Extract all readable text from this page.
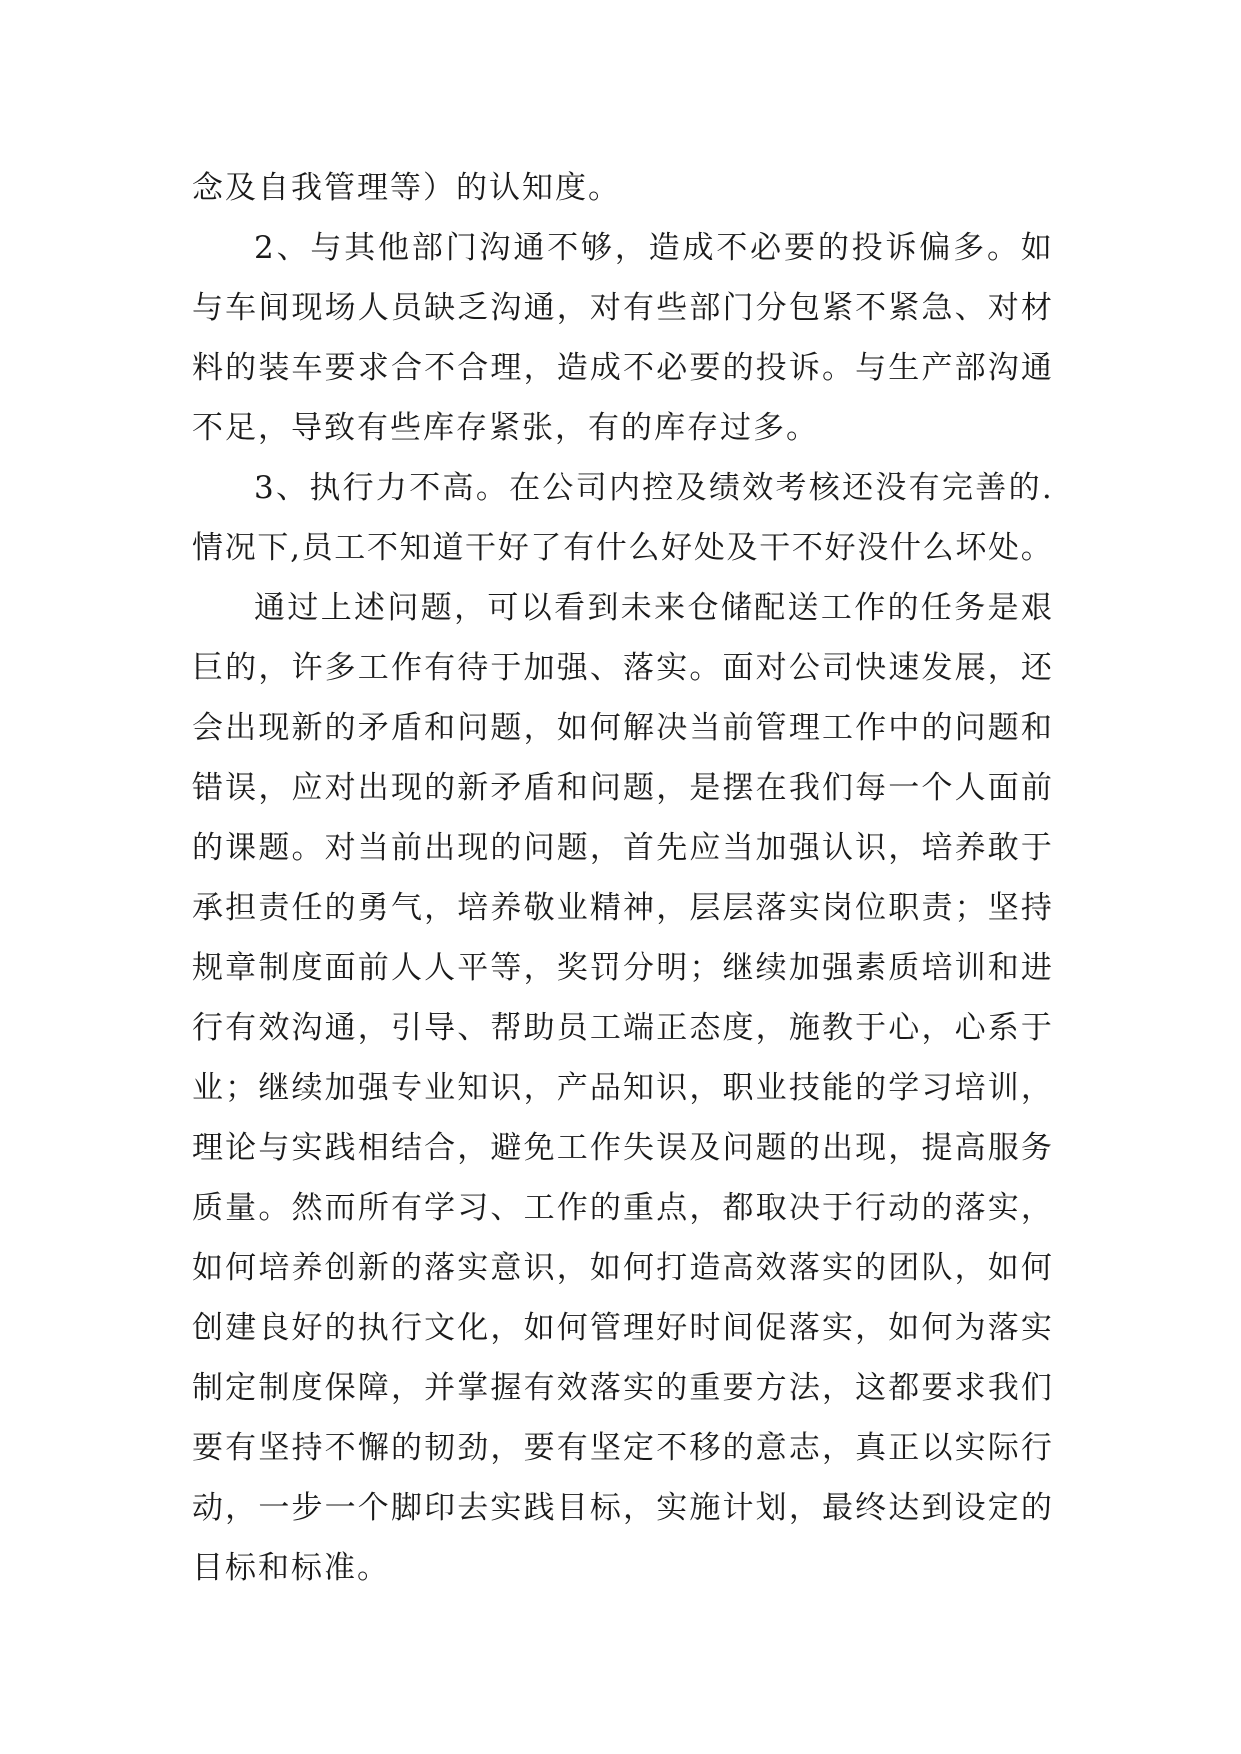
念及自我管理等）的认知度。
2 、 与 其 他 部 门 沟 通 不 够 ， 造 成 不 必 要 的 投 诉 偏 多 。 如
与 车 间 现 场 人 员 缺 乏 沟 通 ， 对 有 些 部 门 分 包 紧 不 紧 急 、 对 材
料 的 装 车 要 求 合 不 合 理 ， 造 成 不 必 要 的 投 诉 。 与 生 产 部 沟 通
不足，导致有些库存紧张，有的库存过多。
3 、 执 行 力 不 高 。 在 公 司 内 控 及 绩 效 考 核 还 没 有 完 善 的 .
情 况 下 , 员 工 不 知 道 干 好 了 有 什 么 好 处 及 干 不 好 没 什 么 坏 处 。
通 过 上 述 问 题 ， 可 以 看 到 未 来 仓 储 配 送 工 作 的 任 务 是 艰
巨 的 ， 许 多 工 作 有 待 于 加 强 、 落 实 。 面 对 公 司 快 速 发 展 ， 还
会 出 现 新 的 矛 盾 和 问 题 ， 如 何 解 决 当 前 管 理 工 作 中 的 问 题 和
错 误 ， 应 对 出 现 的 新 矛 盾 和 问 题 ， 是 摆 在 我 们 每 一 个 人 面 前
的 课 题 。 对 当 前 出 现 的 问 题 ， 首 先 应 当 加 强 认 识 ， 培 养 敢 于
承 担 责 任 的 勇 气 ， 培 养 敬 业 精 神 ， 层 层 落 实 岗 位 职 责 ； 坚 持
规 章 制 度 面 前 人 人 平 等 ， 奖 罚 分 明 ； 继 续 加 强 素 质 培 训 和 进
行 有 效 沟 通 ， 引 导 、 帮 助 员 工 端 正 态 度 ， 施 教 于 心 ， 心 系 于
业 ； 继 续 加 强 专 业 知 识 ， 产 品 知 识 ， 职 业 技 能 的 学 习 培 训 ，
理 论 与 实 践 相 结 合 ， 避 免 工 作 失 误 及 问 题 的 出 现 ， 提 高 服 务
质 量 。 然 而 所 有 学 习 、 工 作 的 重 点 ， 都 取 决 于 行 动 的 落 实 ，
如 何 培 养 创 新 的 落 实 意 识 ， 如 何 打 造 高 效 落 实 的 团 队 ， 如 何
创 建 良 好 的 执 行 文 化 ， 如 何 管 理 好 时 间 促 落 实 ， 如 何 为 落 实
制 定 制 度 保 障 ， 并 掌 握 有 效 落 实 的 重 要 方 法 ， 这 都 要 求 我 们
要 有 坚 持 不 懈 的 韧 劲 ， 要 有 坚 定 不 移 的 意 志 ， 真 正 以 实 际 行
动 ， 一 步 一 个 脚 印 去 实 践 目 标 ， 实 施 计 划 ， 最 终 达 到 设 定 的
目标和标准。
